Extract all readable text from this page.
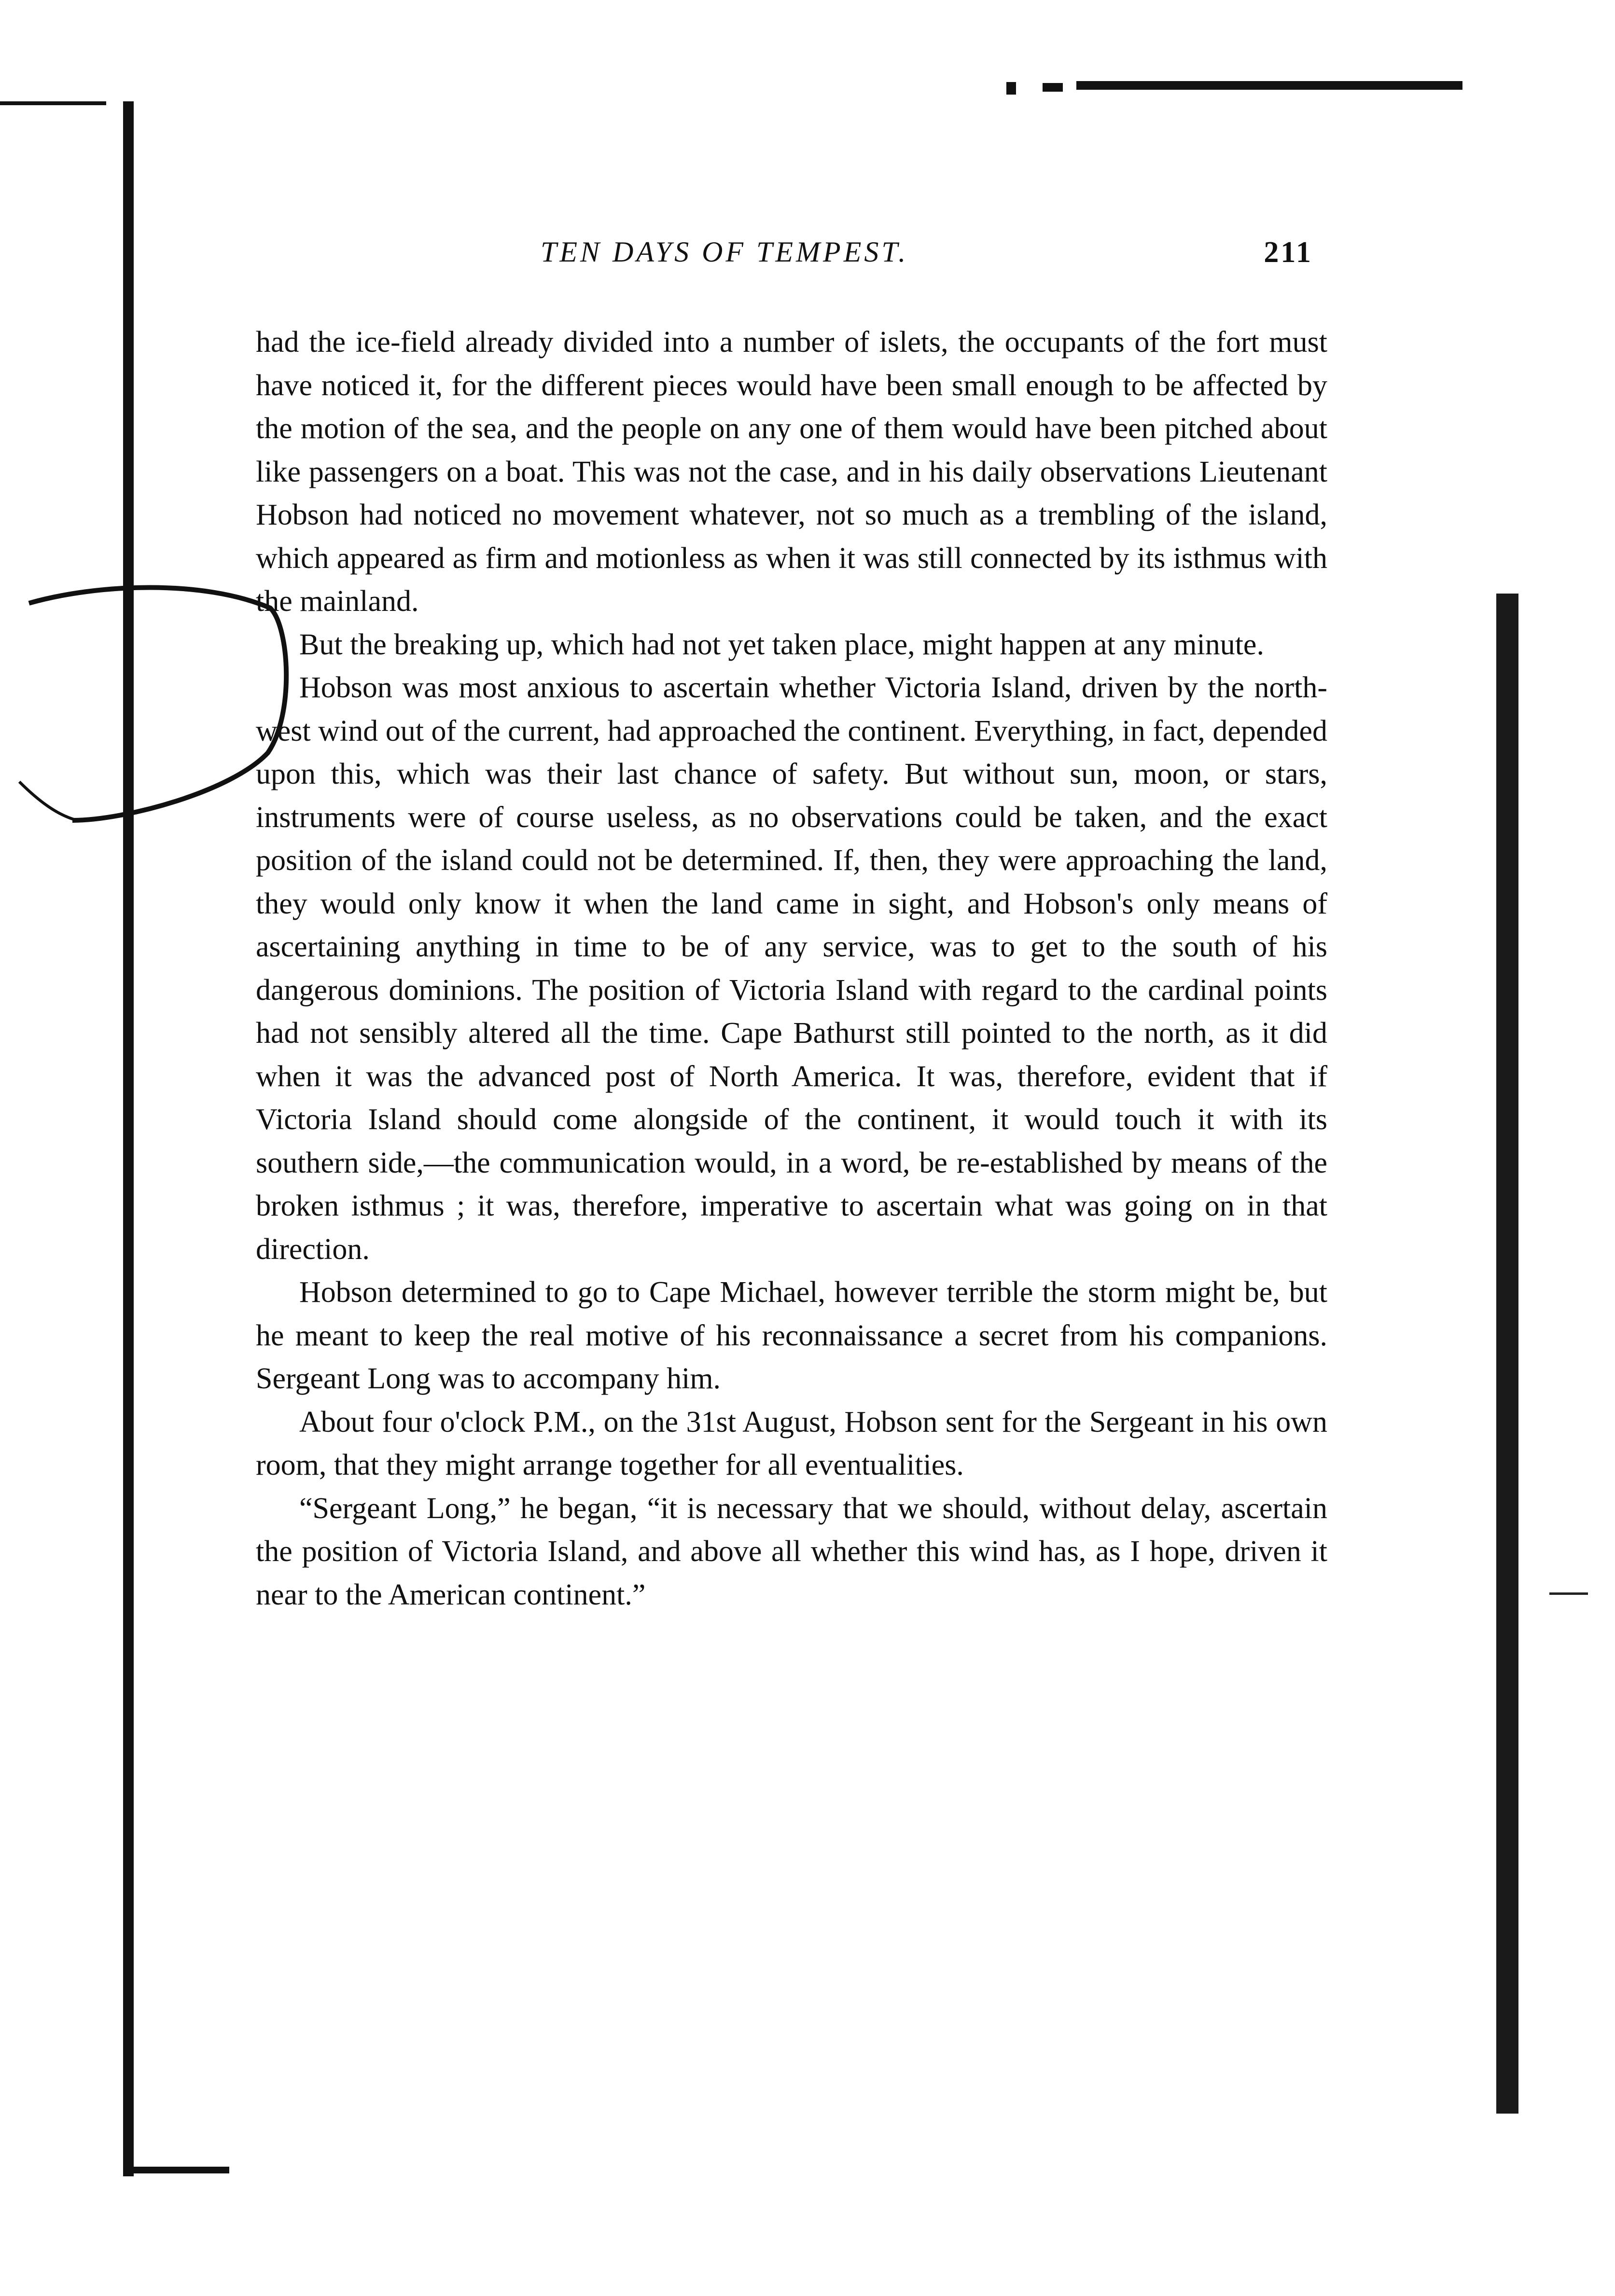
TEN DAYS OF TEMPEST.	211

had the ice-field already divided into a number of islets, the occupants of the fort must have noticed it, for the different pieces would have been small enough to be affected by the motion of the sea, and the people on any one of them would have been pitched about like passengers on a boat. This was not the case, and in his daily observations Lieutenant Hobson had noticed no movement whatever, not so much as a trembling of the island, which appeared as firm and motionless as when it was still connected by its isthmus with the mainland.

But the breaking up, which had not yet taken place, might happen at any minute.

Hobson was most anxious to ascertain whether Victoria Island, driven by the north-west wind out of the current, had approached the continent. Everything, in fact, depended upon this, which was their last chance of safety. But without sun, moon, or stars, instruments were of course useless, as no observations could be taken, and the exact position of the island could not be determined. If, then, they were approaching the land, they would only know it when the land came in sight, and Hobson's only means of ascertaining anything in time to be of any service, was to get to the south of his dangerous dominions. The position of Victoria Island with regard to the cardinal points had not sensibly altered all the time. Cape Bathurst still pointed to the north, as it did when it was the advanced post of North America. It was, therefore, evident that if Victoria Island should come alongside of the continent, it would touch it with its southern side,—the communication would, in a word, be re-established by means of the broken isthmus ; it was, therefore, imperative to ascertain what was going on in that direction.

Hobson determined to go to Cape Michael, however terrible the storm might be, but he meant to keep the real motive of his reconnaissance a secret from his companions. Sergeant Long was to accompany him.

About four o'clock P.M., on the 31st August, Hobson sent for the Sergeant in his own room, that they might arrange together for all eventualities.

“Sergeant Long,” he began, “it is necessary that we should, without delay, ascertain the position of Victoria Island, and above all whether this wind has, as I hope, driven it near to the American continent.”
